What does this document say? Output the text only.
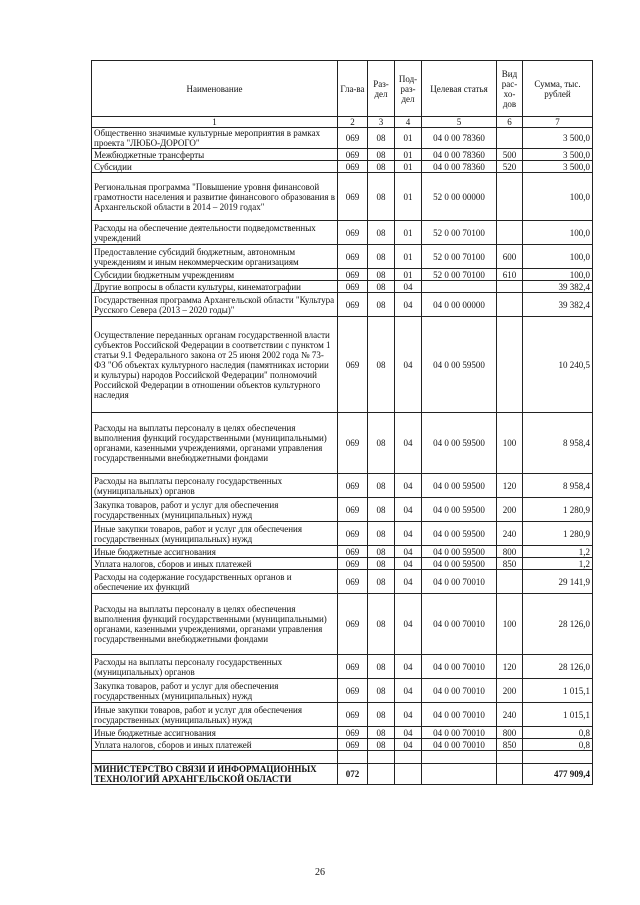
Наименование	Гла-ва	Раз-дел	Под-раз-дел	Целевая статья	Вид рас-хо-дов	Сумма, тыс. рублей
1	2	3	4	5	6	7
Общественно значимые культурные мероприятия в рамках проекта "ЛЮБО-ДОРОГО"	069	08	01	04 0 00 78360		3 500,0
Межбюджетные трансферты	069	08	01	04 0 00 78360	500	3 500,0
Субсидии	069	08	01	04 0 00 78360	520	3 500,0
Региональная программа "Повышение уровня финансовой грамотности населения и развитие финансового образования в Архангельской области в 2014 – 2019 годах"	069	08	01	52 0 00 00000		100,0
Расходы на обеспечение деятельности подведомственных учреждений	069	08	01	52 0 00 70100		100,0
Предоставление субсидий бюджетным, автономным учреждениям и иным некоммерческим организациям	069	08	01	52 0 00 70100	600	100,0
Субсидии бюджетным учреждениям	069	08	01	52 0 00 70100	610	100,0
Другие вопросы в области культуры, кинематографии	069	08	04			39 382,4
Государственная программа Архангельской области "Культура Русского Севера (2013 – 2020 годы)"	069	08	04	04 0 00 00000		39 382,4
Осуществление переданных органам государственной власти субъектов Российской Федерации в соответствии с пунктом 1 статьи 9.1 Федерального закона от 25 июня 2002 года № 73-ФЗ "Об объектах культурного наследия (памятниках истории и культуры) народов Российской Федерации" полномочий Российской Федерации в отношении объектов культурного наследия	069	08	04	04 0 00 59500		10 240,5
Расходы на выплаты персоналу в целях обеспечения выполнения функций государственными (муниципальными) органами, казенными учреждениями, органами управления государственными внебюджетными фондами	069	08	04	04 0 00 59500	100	8 958,4
Расходы на выплаты персоналу государственных (муниципальных) органов	069	08	04	04 0 00 59500	120	8 958,4
Закупка товаров, работ и услуг для обеспечения государственных (муниципальных) нужд	069	08	04	04 0 00 59500	200	1 280,9
Иные закупки товаров, работ и услуг для обеспечения государственных (муниципальных) нужд	069	08	04	04 0 00 59500	240	1 280,9
Иные бюджетные ассигнования	069	08	04	04 0 00 59500	800	1,2
Уплата налогов, сборов и иных платежей	069	08	04	04 0 00 59500	850	1,2
Расходы на содержание государственных органов и обеспечение их функций	069	08	04	04 0 00 70010		29 141,9
Расходы на выплаты персоналу в целях обеспечения выполнения функций государственными (муниципальными) органами, казенными учреждениями, органами управления государственными внебюджетными фондами	069	08	04	04 0 00 70010	100	28 126,0
Расходы на выплаты персоналу государственных (муниципальных) органов	069	08	04	04 0 00 70010	120	28 126,0
Закупка товаров, работ и услуг для обеспечения государственных (муниципальных) нужд	069	08	04	04 0 00 70010	200	1 015,1
Иные закупки товаров, работ и услуг для обеспечения государственных (муниципальных) нужд	069	08	04	04 0 00 70010	240	1 015,1
Иные бюджетные ассигнования	069	08	04	04 0 00 70010	800	0,8
Уплата налогов, сборов и иных платежей	069	08	04	04 0 00 70010	850	0,8

МИНИСТЕРСТВО СВЯЗИ И ИНФОРМАЦИОННЫХ ТЕХНОЛОГИЙ АРХАНГЕЛЬСКОЙ ОБЛАСТИ	072					477 909,4
26
